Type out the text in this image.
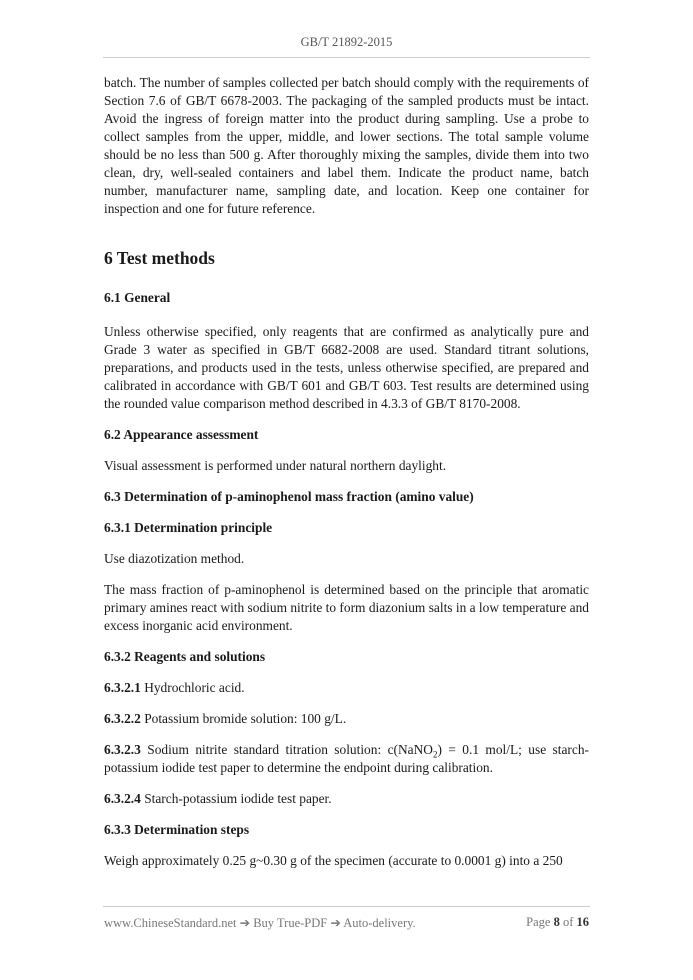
GB/T 21892-2015

batch. The number of samples collected per batch should comply with the requirements of Section 7.6 of GB/T 6678-2003. The packaging of the sampled products must be intact. Avoid the ingress of foreign matter into the product during sampling. Use a probe to collect samples from the upper, middle, and lower sections. The total sample volume should be no less than 500 g. After thoroughly mixing the samples, divide them into two clean, dry, well-sealed containers and label them. Indicate the product name, batch number, manufacturer name, sampling date, and location. Keep one container for inspection and one for future reference.

6 Test methods
6.1 General

Unless otherwise specified, only reagents that are confirmed as analytically pure and Grade 3 water as specified in GB/T 6682-2008 are used. Standard titrant solutions, preparations, and products used in the tests, unless otherwise specified, are prepared and calibrated in accordance with GB/T 601 and GB/T 603. Test results are determined using the rounded value comparison method described in 4.3.3 of GB/T 8170-2008.

6.2 Appearance assessment

Visual assessment is performed under natural northern daylight.

6.3 Determination of p-aminophenol mass fraction (amino value)
6.3.1 Determination principle

Use diazotization method.

The mass fraction of p-aminophenol is determined based on the principle that aromatic primary amines react with sodium nitrite to form diazonium salts in a low temperature and excess inorganic acid environment.

6.3.2 Reagents and solutions

6.3.2.1 Hydrochloric acid.

6.3.2.2 Potassium bromide solution: 100 g/L.

6.3.2.3 Sodium nitrite standard titration solution: c(NaNO$_2$) = 0.1 mol/L; use starch-potassium iodide test paper to determine the endpoint during calibration.

6.3.2.4 Starch-potassium iodide test paper.

6.3.3 Determination steps

Weigh approximately 0.25 g~0.30 g of the specimen (accurate to 0.0001 g) into a 250

www.ChineseStandard.net ➔ Buy True-PDF ➔ Auto-delivery.	Page 8 of 16
